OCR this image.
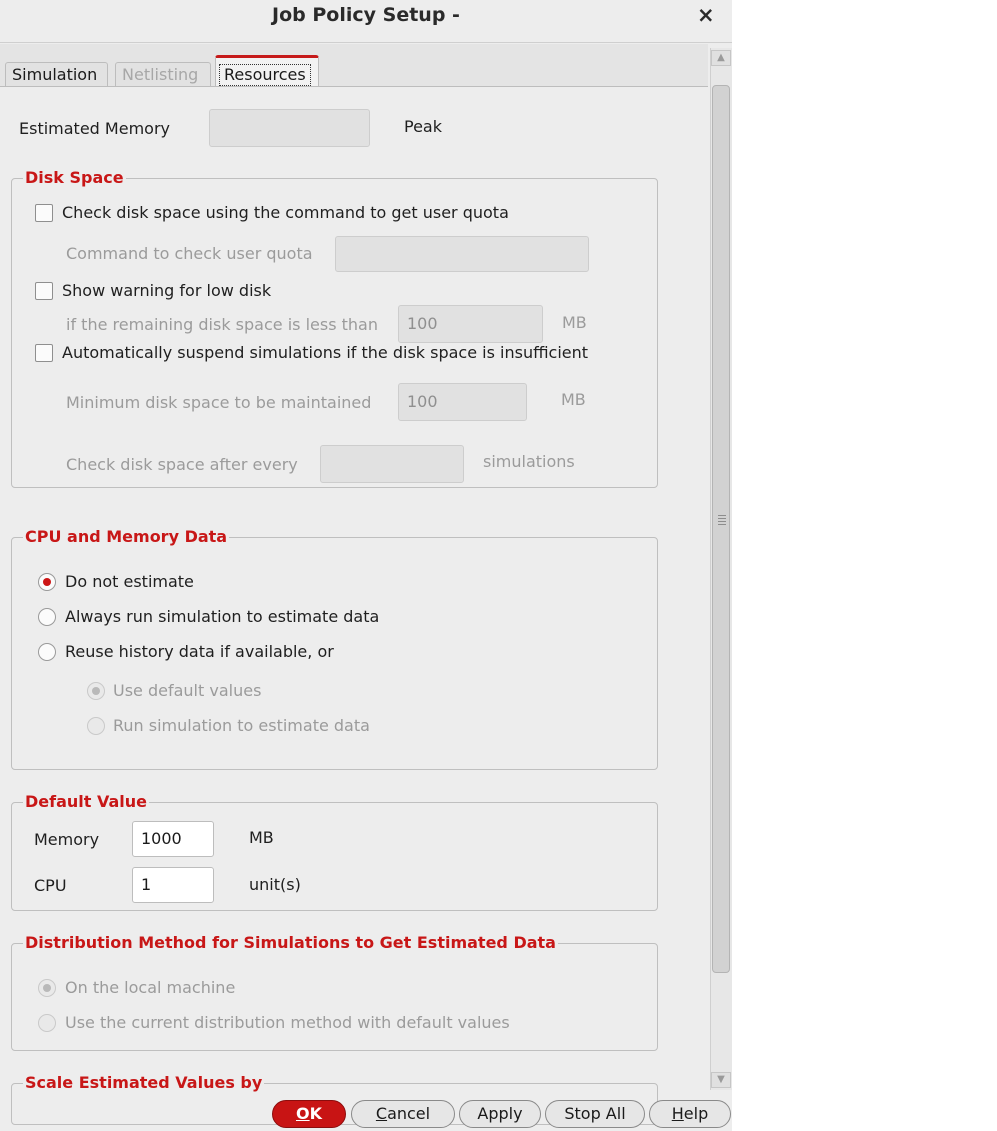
Job Policy Setup -	×
Simulation	Netlisting	Resources
Estimated Memory	Peak
Disk Space
Check disk space using the command to get user quota
Command to check user quota
Show warning for low disk
if the remaining disk space is less than	100	MB
Automatically suspend simulations if the disk space is insufficient
Minimum disk space to be maintained	100	MB
Check disk space after every	simulations
CPU and Memory Data
Do not estimate
Always run simulation to estimate data
Reuse history data if available, or
Use default values
Run simulation to estimate data
Default Value
Memory	1000	MB
CPU	1	unit(s)
Distribution Method for Simulations to Get Estimated Data
On the local machine
Use the current distribution method with default values
Scale Estimated Values by
▲
▼
OK	Cancel	Apply	Stop All	Help
